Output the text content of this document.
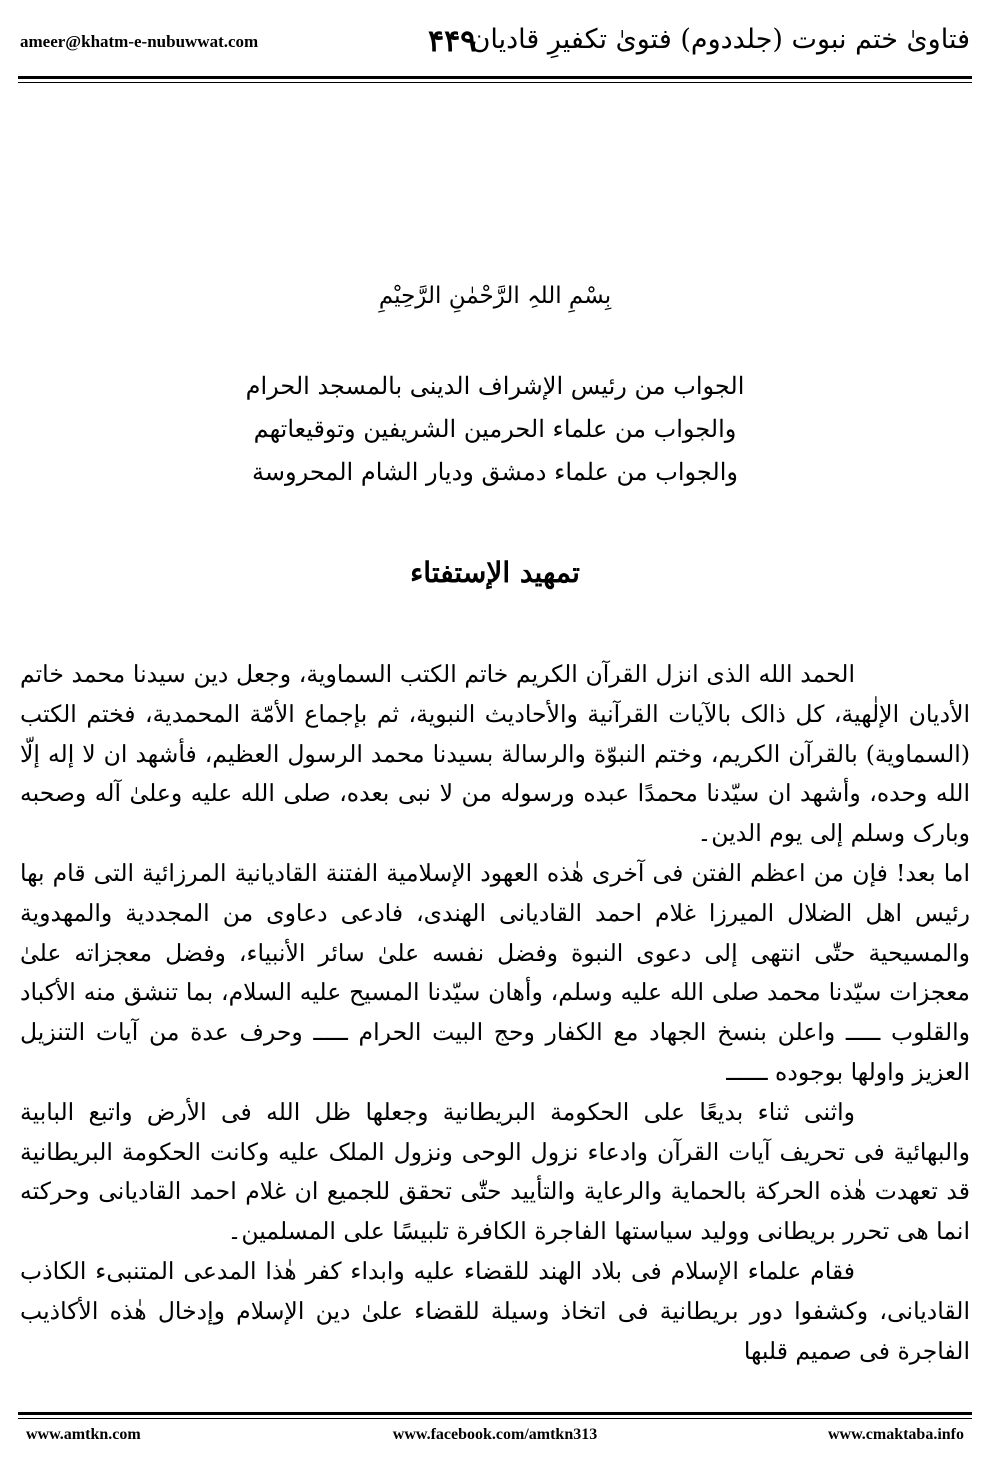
ameer@khatm-e-nubuwwat.com	۴۴۹
فتاویٰ ختم نبوت (جلددوم) فتویٰ تکفیرِ قادیان
بِسْمِ اللہِ الرَّحْمٰنِ الرَّحِیْمِ
الجواب من رئیس الإشراف الدینی بالمسجد الحرام
والجواب من علماء الحرمین الشریفین وتوقیعاتهم
والجواب من علماء دمشق ودیار الشام المحروسة
تمهید الإستفتاء

الحمد الله الذی انزل القرآن الکریم خاتم الکتب السماویة، وجعل دین سیدنا محمد خاتم الأدیان الإلٰهیة، کل ذالک بالآیات القرآنیة والأحادیث النبویة، ثم بإجماع الأمّة المحمدیة، فختم الکتب (السماویة) بالقرآن الکریم، وختم النبوّة والرسالة بسیدنا محمد الرسول العظیم، فأشهد ان لا إله إلّا الله وحده، وأشهد ان سیّدنا محمدًا عبده ورسوله من لا نبی بعده، صلی الله علیه وعلیٰ آله وصحبه وبارک وسلم إلی یوم الدین۔

اما بعد! فإن من اعظم الفتن فی آخری هٰذه العهود الإسلامیة الفتنة القادیانیة المرزائیة التی قام بها رئیس اهل الضلال المیرزا غلام احمد القادیانی الهندی، فادعی دعاوی من المجددیة والمهدویة والمسیحیة حتّٰی انتهی إلی دعوی النبوة وفضل نفسه علیٰ سائر الأنبیاء، وفضل معجزاته علیٰ معجزات سیّدنا محمد صلی الله علیه وسلم، وأهان سیّدنا المسیح علیه السلام، بما تنشق منه الأکباد والقلوب ـــــ واعلن بنسخ الجهاد مع الکفار وحج البیت الحرام ـــــ وحرف عدة من آیات التنزیل العزیز واولها بوجوده ــــــ

واثنی ثناء بدیعًا علی الحکومة البریطانیة وجعلها ظل الله فی الأرض واتبع البابیة والبهائیة فی تحریف آیات القرآن وادعاء نزول الوحی ونزول الملک علیه وکانت الحکومة البریطانیة قد تعهدت هٰذه الحرکة بالحمایة والرعایة والتأیید حتّٰی تحقق للجمیع ان غلام احمد القادیانی وحرکته انما هی تحرر بریطانی وولید سیاستها الفاجرة الکافرة تلبیسًا علی المسلمین۔

فقام علماء الإسلام فی بلاد الهند للقضاء علیه وابداء کفر هٰذا المدعی المتنبیء الکاذب القادیانی، وکشفوا دور بریطانیة فی اتخاذ وسیلة للقضاء علیٰ دین الإسلام وإدخال هٰذه الأکاذیب الفاجرة فی صمیم قلبها

www.amtkn.com	www.facebook.com/amtkn313	www.cmaktaba.info
